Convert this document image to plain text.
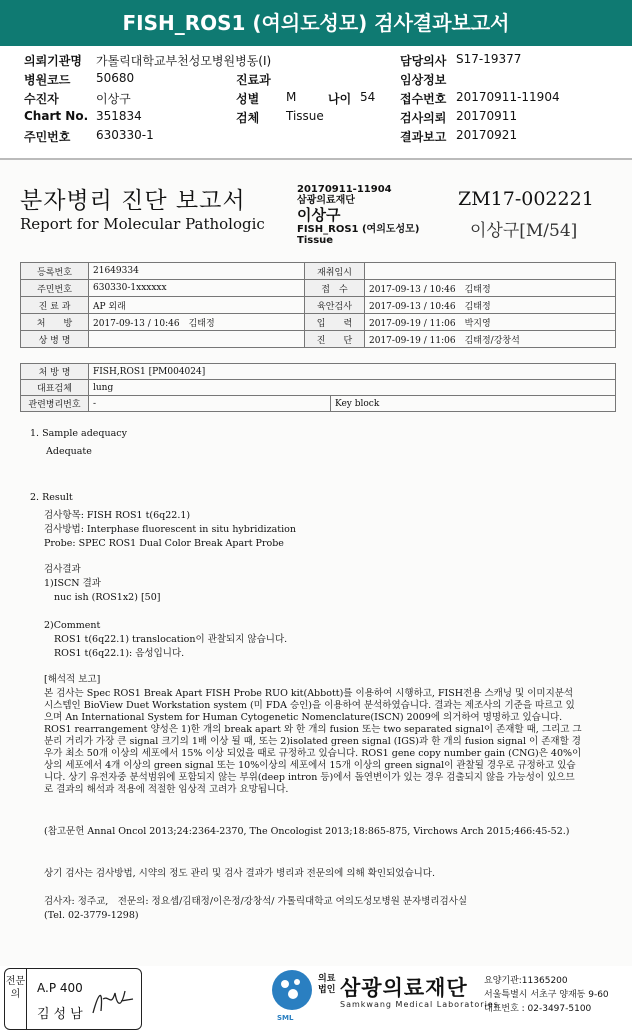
FISH_ROS1 (여의도성모) 검사결과보고서
의뢰기관명 가톨릭대학교부천성모병원병동(I)	담당의사 S17-19377
병원코드 50680	진료과	임상정보
수진자	이상구	성별 M	나이 54 접수번호 20170911-11904
Chart No. 351834	검체 Tissue	검사의뢰 20170911
주민번호 630330-1	결과보고 20170921
분자병리 진단 보고서
Report for Molecular Pathologic
20170911-11904
삼광의료재단
이상구
FISH_ROS1 (여의도성모)
Tissue
ZM17-002221
이상구[M/54]
등록번호	21649334	재취임시	
주민번호	630330-1xxxxxx	접　수	2017-09-13 / 10:46　김태정
진 료 과	AP 외래	육안검사	2017-09-13 / 10:46　김태정
처　　방	2017-09-13 / 10:46　김태정	입　　력	2017-09-19 / 11:06　박지영
상 병 명		진　　단	2017-09-19 / 11:06　김태정/강창석
처 방 명	FISH,ROS1 [PM004024]	
대표검체	lung	
관련병리번호	-	Key block
1. Sample adequacy
Adequate
2. Result
검사항목: FISH ROS1 t(6q22.1)
검사방법: Interphase fluorescent in situ hybridization
Probe: SPEC ROS1 Dual Color Break Apart Probe
검사결과
1)ISCN 결과
nuc ish (ROS1x2) [50]
2)Comment
ROS1 t(6q22.1) translocation이 관찰되지 않습니다.
ROS1 t(6q22.1): 음성입니다.
[해석적 보고]
본 검사는 Spec ROS1 Break Apart FISH Probe RUO kit(Abbott)를 이용하여 시행하고, FISH전용 스캐닝 및 이미지분석시스템인 BioView Duet Workstation system (미 FDA 승인)을 이용하여 분석하였습니다. 결과는 제조사의 기준을 따르고 있으며 An International System for Human Cytogenetic Nomenclature(ISCN) 2009에 의거하여 명명하고 있습니다. ROS1 rearrangement 양성은 1)한 개의 break apart 와 한 개의 fusion 또는 two separated signal이 존재할 때, 그리고 그 분리 거리가 가장 큰 signal 크기의 1배 이상 될 때, 또는 2)isolated green signal (IGS)과 한 개의 fusion signal 이 존재할 경우가 최소 50개 이상의 세포에서 15% 이상 되었을 때로 규정하고 있습니다. ROS1 gene copy number gain (CNG)은 40%이상의 세포에서 4개 이상의 green signal 또는 10%이상의 세포에서 15개 이상의 green signal이 관찰될 경우로 규정하고 있습니다. 상기 유전자중 분석범위에 포함되지 않는 부위(deep intron 등)에서 돌연변이가 있는 경우 검출되지 않을 가능성이 있으므로 결과의 해석과 적용에 적절한 임상적 고려가 요망됩니다.
(참고문헌 Annal Oncol 2013;24:2364-2370, The Oncologist 2013;18:865-875, Virchows Arch 2015;466:45-52.)
상기 검사는 검사방법, 시약의 정도 관리 및 검사 결과가 병리과 전문의에 의해 확인되었습니다.
검사자: 정주교,　전문의: 정요셉/김태정/이은정/강창석/ 가톨릭대학교 여의도성모병원 분자병리검사실
(Tel. 02-3779-1298)
전문의	A.P 400
김성남	SML
의료
법인 삼광의료재단
Samkwang Medical Laboratories
요양기관:11365200
서울특별시 서초구 양재동 9-60
대표번호 : 02-3497-5100
